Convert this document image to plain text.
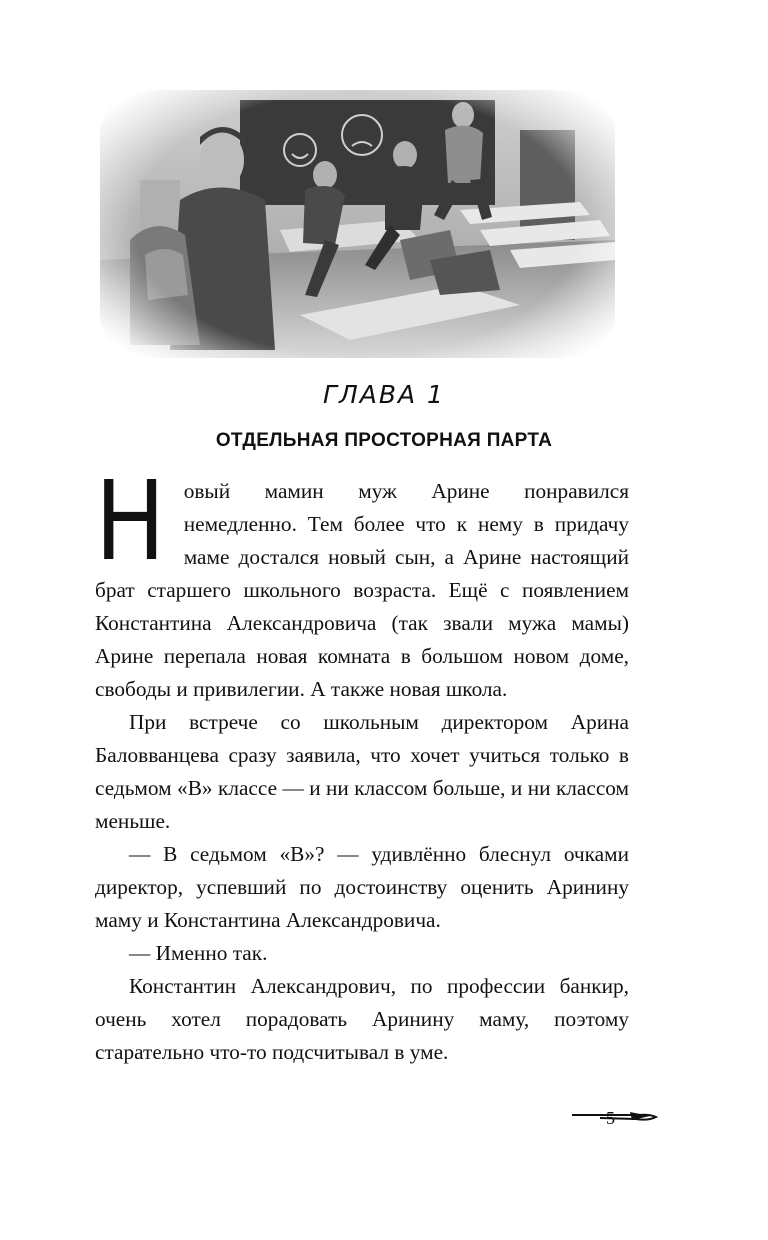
ГЛАВА 1
ОТДЕЛЬНАЯ ПРОСТОРНАЯ ПАРТА

Н овый мамин муж Арине понравился немедленно. Тем более что к нему в придачу маме достался новый сын, а Арине настоящий брат старшего школьного возраста. Ещё с появлением Константина Александровича (так звали мужа мамы) Арине перепала новая комната в большом новом доме, свободы и привилегии. А также новая школа.

При встрече со школьным директором Арина Баловванцева сразу заявила, что хочет учиться только в седьмом «В» классе — и ни классом больше, и ни классом меньше.

— В седьмом «В»? — удивлённо блеснул очками директор, успевший по достоинству оценить Аринину маму и Константина Александровича.

— Именно так.

Константин Александрович, по профессии банкир, очень хотел порадовать Аринину маму, поэтому старательно что-то подсчитывал в уме.

5
